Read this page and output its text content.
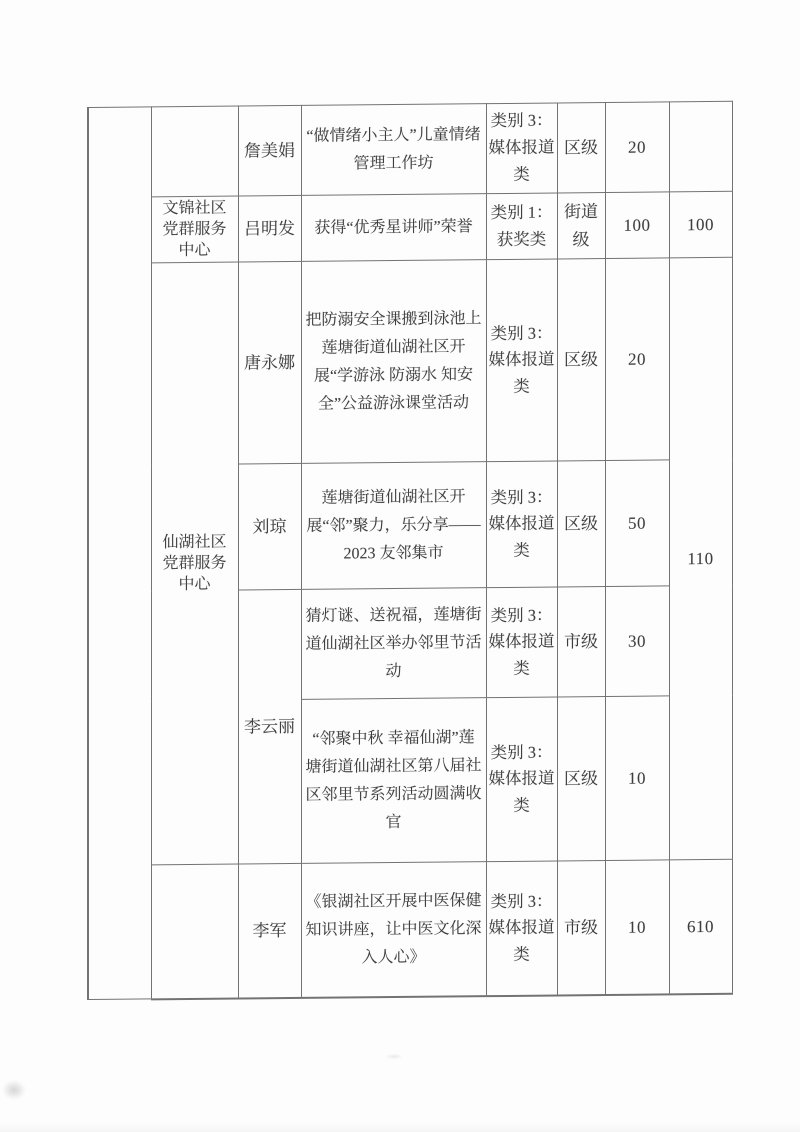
		詹美娟	“做情绪小主人”儿童情绪管理工作坊	类别 3：媒体报道类	区级	20	
	文锦社区党群服务中心	吕明发	获得“优秀星讲师”荣誉	类别 1：获奖类	街道级	100	100
	仙湖社区党群服务中心	唐永娜	把防溺安全课搬到泳池上莲塘街道仙湖社区开展“学游泳 防溺水 知安全”公益游泳课堂活动	类别 3：媒体报道类	区级	20	110
		刘琼	莲塘街道仙湖社区开展“邻”聚力，乐分享——2023 友邻集市	类别 3：媒体报道类	区级	50	
		李云丽	猜灯谜、送祝福，莲塘街道仙湖社区举办邻里节活动	类别 3：媒体报道类	市级	30	
			“邻聚中秋 幸福仙湖”莲塘街道仙湖社区第八届社区邻里节系列活动圆满收官	类别 3：媒体报道类	区级	10	
		李军	《银湖社区开展中医保健知识讲座，让中医文化深入人心》	类别 3：媒体报道类	市级	10	610
